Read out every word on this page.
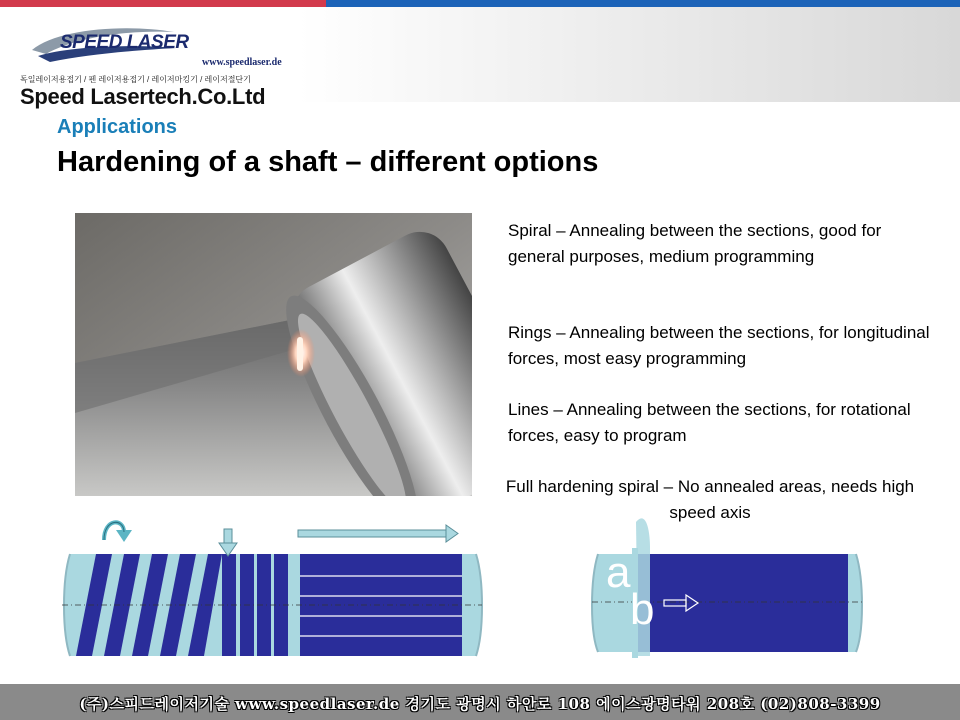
SPEED LASER
www.speedlaser.de
독일레이저용접기 / 펜 레이저용접기 / 레이저마킹기 / 레이저절단기
Speed Lasertech.Co.Ltd
Applications
Hardening of a shaft – different options
Spiral – Annealing between the sections, good for general purposes, medium programming
Rings – Annealing between the sections, for longitudinal forces, most easy programming
Lines – Annealing between the sections, for rotational forces, easy to program
Full hardening spiral – No annealed areas, needs high speed axis
a
b
(주)스피드레이저기술 www.speedlaser.de 경기도 광명시 하안로 108 에이스광명타워 208호 (02)808-3399
